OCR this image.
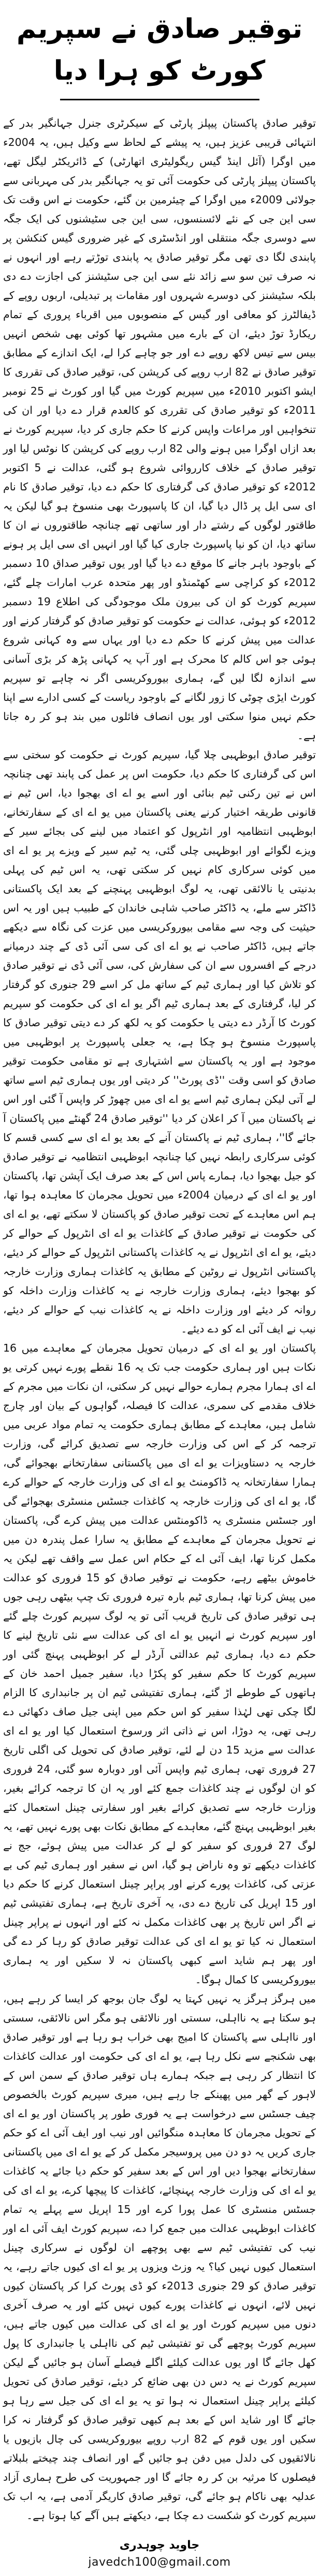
توقیر صادق نے سپریم کورٹ کو ہرا دیا

توقیر صادق پاکستان پیپلز پارٹی کے سیکرٹری جنرل جہانگیر بدر کے انتہائی قریبی عزیز ہیں، یہ پیشے کے لحاظ سے وکیل ہیں، یہ 2004ء میں اوگرا (آئل اینڈ گیس ریگولیٹری اتھارٹی) کے ڈائریکٹر لیگل تھے، پاکستان پیپلز پارٹی کی حکومت آئی تو یہ جہانگیر بدر کی مہربانی سے جولائی 2009ء میں اوگرا کے چیئرمین بن گئے، حکومت نے اس وقت تک سی این جی کے نئے لائسنسوں، سی این جی سٹیشنوں کی ایک جگہ سے دوسری جگہ منتقلی اور انڈسٹری کے غیر ضروری گیس کنکشن پر پابندی لگا دی تھی مگر توقیر صادق یہ پابندی توڑتے رہے اور انہوں نے نہ صرف تین سو سے زائد نئے سی این جی سٹیشنز کی اجازت دے دی بلکہ سٹیشنز کی دوسرے شہروں اور مقامات پر تبدیلی، اربوں روپے کے ڈیفالٹرز کو معافی اور گیس کے منصوبوں میں اقرباء پروری کے تمام ریکارڈ توڑ دیئے، ان کے بارے میں مشہور تھا کوئی بھی شخص انہیں بیس سے تیس لاکھ روپے دے اور جو چاہے کرا لے، ایک اندازے کے مطابق توقیر صادق نے 82 ارب روپے کی کرپشن کی، توقیر صادق کی تقرری کا ایشو اکتوبر 2010ء میں سپریم کورٹ میں گیا اور کورٹ نے 25 نومبر 2011ء کو توقیر صادق کی تقرری کو کالعدم قرار دے دیا اور ان کی تنخواہیں اور مراعات واپس کرنے کا حکم جاری کر دیا، سپریم کورٹ نے بعد ازاں اوگرا میں ہونے والی 82 ارب روپے کی کرپشن کا نوٹس لیا اور توقیر صادق کے خلاف کارروائی شروع ہو گئی، عدالت نے 5 اکتوبر 2012ء کو توقیر صادق کی گرفتاری کا حکم دے دیا، توقیر صادق کا نام ای سی ایل پر ڈال دیا گیا، ان کا پاسپورٹ بھی منسوخ ہو گیا لیکن یہ طاقتور لوگوں کے رشتے دار اور ساتھی تھے چنانچہ طاقتوروں نے ان کا ساتھ دیا، ان کو نیا پاسپورٹ جاری کیا گیا اور انہیں ای سی ایل پر ہونے کے باوجود باہر جانے کا موقع دے دیا گیا اور یوں توقیر صداق 10 دسمبر 2012ء کو کراچی سے کھٹمنڈو اور پھر متحدہ عرب امارات چلے گئے، سپریم کورٹ کو ان کی بیرون ملک موجودگی کی اطلاع 19 دسمبر 2012ء کو ہوئی، عدالت نے حکومت کو توقیر صادق کو گرفتار کرنے اور عدالت میں پیش کرنے کا حکم دے دیا اور یہاں سے وہ کہانی شروع ہوئی جو اس کالم کا محرک ہے اور آپ یہ کہانی پڑھ کر بڑی آسانی سے اندازہ لگا لیں گے، ہماری بیوروکریسی اگر نہ چاہے تو سپریم کورٹ ایڑی چوٹی کا زور لگانے کے باوجود ریاست کے کسی ادارے سے اپنا حکم نہیں منوا سکتی اور یوں انصاف فائلوں میں بند ہو کر رہ جاتا ہے۔

توقیر صادق ابوظہبی چلا گیا، سپریم کورٹ نے حکومت کو سختی سے اس کی گرفتاری کا حکم دیا، حکومت اس پر عمل کی پابند تھی چنانچہ اس نے تین رکنی ٹیم بنائی اور اسے یو اے ای بھجوا دیا، اس ٹیم نے قانونی طریقہ اختیار کرنے یعنی پاکستان میں یو اے ای کے سفارتخانے، ابوظہبی انتظامیہ اور انٹرپول کو اعتماد میں لینے کی بجائے سیر کے ویزے لگوائے اور ابوظہبی چلی گئی، یہ ٹیم سیر کے ویزے پر یو اے ای میں کوئی سرکاری کام نہیں کر سکتی تھی، یہ اس ٹیم کی پہلی بدنیتی یا نالائقی تھی، یہ لوگ ابوظہبی پہنچنے کے بعد ایک پاکستانی ڈاکٹر سے ملے، یہ ڈاکٹر صاحب شاہی خاندان کے طبیب ہیں اور یہ اس حیثیت کی وجہ سے مقامی بیوروکریسی میں عزت کی نگاہ سے دیکھے جاتے ہیں، ڈاکٹر صاحب نے یو اے ای کی سی آئی ڈی کے چند درمیانے درجے کے افسروں سے ان کی سفارش کی، سی آئی ڈی نے توقیر صادق کو تلاش کیا اور ہماری ٹیم کے ساتھ مل کر اسے 29 جنوری کو گرفتار کر لیا، گرفتاری کے بعد ہماری ٹیم اگر یو اے ای کی حکومت کو سپریم کورٹ کا آرڈر دے دیتی یا حکومت کو یہ لکھ کر دے دیتی توقیر صادق کا پاسپورٹ منسوخ ہو چکا ہے، یہ جعلی پاسپورٹ پر ابوظہبی میں موجود ہے اور یہ پاکستان سے اشتہاری ہے تو مقامی حکومت توقیر صادق کو اسی وقت ''ڈی پورٹ'' کر دیتی اور یوں ہماری ٹیم اسے ساتھ لے آتی لیکن ہماری ٹیم اسے یو اے ای میں چھوڑ کر واپس آ گئی اور اس نے پاکستان میں آ کر اعلان کر دیا ''توقیر صادق 24 گھنٹے میں پاکستان آ جائے گا''، ہماری ٹیم نے پاکستان آنے کے بعد یو اے ای سے کسی قسم کا کوئی سرکاری رابطہ نہیں کیا چنانچہ ابوظہبی انتظامیہ نے توقیر صادق کو جیل بھجوا دیا، ہمارے پاس اس کے بعد صرف ایک آپشن تھا، پاکستان اور یو اے ای کے درمیان 2004ء میں تحویل مجرمان کا معاہدہ ہوا تھا، ہم اس معاہدے کے تحت توقیر صادق کو پاکستان لا سکتے تھے، یو اے ای کی حکومت نے توقیر صادق کے کاغذات یو اے ای انٹرپول کے حوالے کر دیئے، یو اے ای انٹرپول نے یہ کاغذات پاکستانی انٹرپول کے حوالے کر دیئے، پاکستانی انٹرپول نے روٹین کے مطابق یہ کاغذات ہماری وزارت خارجہ کو بھجوا دیئے، ہماری وزارت خارجہ نے یہ کاغذات وزارت داخلہ کو روانہ کر دیئے اور وزارت داخلہ نے یہ کاغذات نیب کے حوالے کر دیئے، نیب نے ایف آئی اے کو دے دیئے۔

پاکستان اور یو اے ای کے درمیان تحویل مجرمان کے معاہدے میں 16 نکات ہیں اور ہماری حکومت جب تک یہ 16 نقطے پورے نہیں کرتی یو اے ای ہمارا مجرم ہمارے حوالے نہیں کر سکتی، ان نکات میں مجرم کے خلاف مقدمے کی سمری، عدالت کا فیصلہ، گواہوں کے بیان اور چارج شامل ہیں، معاہدے کے مطابق ہماری حکومت یہ تمام مواد عربی میں ترجمہ کر کے اس کی وزارت خارجہ سے تصدیق کرائے گی، وزارت خارجہ یہ دستاویزات یو اے ای میں پاکستانی سفارتخانے بھجوائے گی، ہمارا سفارتخانہ یہ ڈاکومنٹ یو اے ای کی وزارت خارجہ کے حوالے کرے گا، یو اے ای کی وزارت خارجہ یہ کاغذات جسٹس منسٹری بھجوائے گی اور جسٹس منسٹری یہ ڈاکومنٹس عدالت میں پیش کرے گی، پاکستان نے تحویل مجرمان کے معاہدے کے مطابق یہ سارا عمل پندرہ دن میں مکمل کرنا تھا، ایف آئی اے کے حکام اس عمل سے واقف تھے لیکن یہ خاموش بیٹھے رہے، حکومت نے توقیر صادق کو 15 فروری کو عدالت میں پیش کرنا تھا، ہماری ٹیم بارہ تیرہ فروری تک چپ بیٹھی رہی جوں ہی توقیر صادق کی تاریخ قریب آئی تو یہ لوگ سپریم کورٹ چلے گئے اور سپریم کورٹ نے انہیں یو اے ای کی عدالت سے نئی تاریخ لینے کا حکم دے دیا، ہماری ٹیم عدالتی آرڈر لے کر ابوظہبی پہنچ گئی اور سپریم کورٹ کا حکم سفیر کو پکڑا دیا، سفیر جمیل احمد خان کے ہاتھوں کے طوطے اڑ گئے، ہماری تفتیشی ٹیم ان پر جانبداری کا الزام لگا چکی تھی لہٰذا سفیر کو اس حکم میں اپنی جیل صاف دکھائی دے رہی تھی، یہ دوڑا، اس نے ذاتی اثر ورسوخ استعمال کیا اور یو اے ای عدالت سے مزید 15 دن لے لئے، توقیر صادق کی تحویل کی اگلی تاریخ 27 فروری تھی، ہماری ٹیم واپس آئی اور دوبارہ سو گئی، 24 فروری کو ان لوگوں نے چند کاغذات جمع کئے اور یہ ان کا ترجمہ کرائے بغیر، وزارت خارجہ سے تصدیق کرائے بغیر اور سفارتی چینل استعمال کئے بغیر ابوظہبی پہنچ گئے، معاہدے کے مطابق نکات بھی پورے نہیں تھے، یہ لوگ 27 فروری کو سفیر کو لے کر عدالت میں پیش ہوئے، جج نے کاغذات دیکھے تو وہ ناراض ہو گیا، اس نے سفیر اور ہماری ٹیم کی بے عزتی کی، کاغذات پورے کرنے اور پراپر چینل استعمال کرنے کا حکم دیا اور 15 اپریل کی تاریخ دے دی، یہ آخری تاریخ ہے، ہماری تفتیشی ٹیم نے اگر اس تاریخ پر بھی کاغذات مکمل نہ کئے اور انہوں نے پراپر چینل استعمال نہ کیا تو یو اے ای کی عدالت توقیر صادق کو رہا کر دے گی اور پھر ہم شاید اسے کبھی پاکستان نہ لا سکیں اور یہ ہماری بیوروکریسی کا کمال ہوگا۔

میں ہرگز ہرگز یہ نہیں کہتا یہ لوگ جان بوجھ کر ایسا کر رہے ہیں، ہو سکتا ہے یہ نااہلی، سستی اور نالائقی ہو مگر اس نالائقی، سستی اور نااہلی سے پاکستان کا امیج بھی خراب ہو رہا ہے اور توقیر صادق بھی شکنجے سے نکل رہا ہے، یو اے ای کی حکومت اور عدالت کاغذات کا انتظار کر رہی ہے جبکہ ہمارے ہاں توقیر صادق کے سمن اس کے لاہور کے گھر میں پھینکے جا رہے ہیں، میری سپریم کورٹ بالخصوص چیف جسٹس سے درخواست ہے یہ فوری طور پر پاکستان اور یو اے ای کے تحویل مجرمان کا معاہدہ منگوائیں اور نیب اور ایف آئی اے کو حکم جاری کریں یہ دو دن میں پروسیجر مکمل کر کے یو اے ای میں پاکستانی سفارتخانے بھجوا دیں اور اس کے بعد سفیر کو حکم دیا جائے یہ کاغذات یو اے ای کی وزارت خارجہ پہنچائے، کاغذات کا پیچھا کرے، یو اے ای کی جسٹس منسٹری کا عمل پورا کرے اور 15 اپریل سے پہلے یہ تمام کاغذات ابوظہبی عدالت میں جمع کرا دے، سپریم کورٹ ایف آئی اے اور نیب کی تفتیشی ٹیم سے بھی پوچھے ان لوگوں نے سرکاری چینل استعمال کیوں نہیں کیا؟ یہ وزٹ ویزوں پر یو اے ای کیوں جاتے رہے، یہ توقیر صادق کو 29 جنوری 2013ء کو ڈی پورٹ کرا کر پاکستان کیوں نہیں لائے، انہوں نے کاغذات پورے کیوں نہیں کئے اور یہ صرف آخری دنوں میں سپریم کورٹ اور یو اے ای کی عدالت میں کیوں جاتے ہیں، سپریم کورٹ پوچھے گی تو تفتیشی ٹیم کی نااہلی یا جانبداری کا پول کھل جائے گا اور یوں عدالت کیلئے اگلے فیصلے آسان ہو جائیں گے لیکن سپریم کورٹ نے یہ دس دن بھی ضائع کر دیئے، توقیر صادق کی تحویل کیلئے پراپر چینل استعمال نہ ہوا تو یہ یو اے ای کی جیل سے رہا ہو جائے گا اور شاید اس کے بعد ہم کبھی توقیر صادق کو گرفتار نہ کرا سکیں اور یوں قوم کے 82 ارب روپے بیوروکریسی کی چال بازیوں یا نالائقیوں کی دلدل میں دفن ہو جائیں گے اور انصاف چند چیختے بلبلاتے فیصلوں کا مرثیہ بن کر رہ جائے گا اور جمہوریت کی طرح ہماری آزاد عدلیہ بھی ناکام ہو جائے گی، توقیر صادق کاریگر آدمی ہے، یہ اب تک سپریم کورٹ کو شکست دے چکا ہے، دیکھتے ہیں آگے کیا ہوتا ہے۔

جاوید چوہدری
javedch100@gmail.com
